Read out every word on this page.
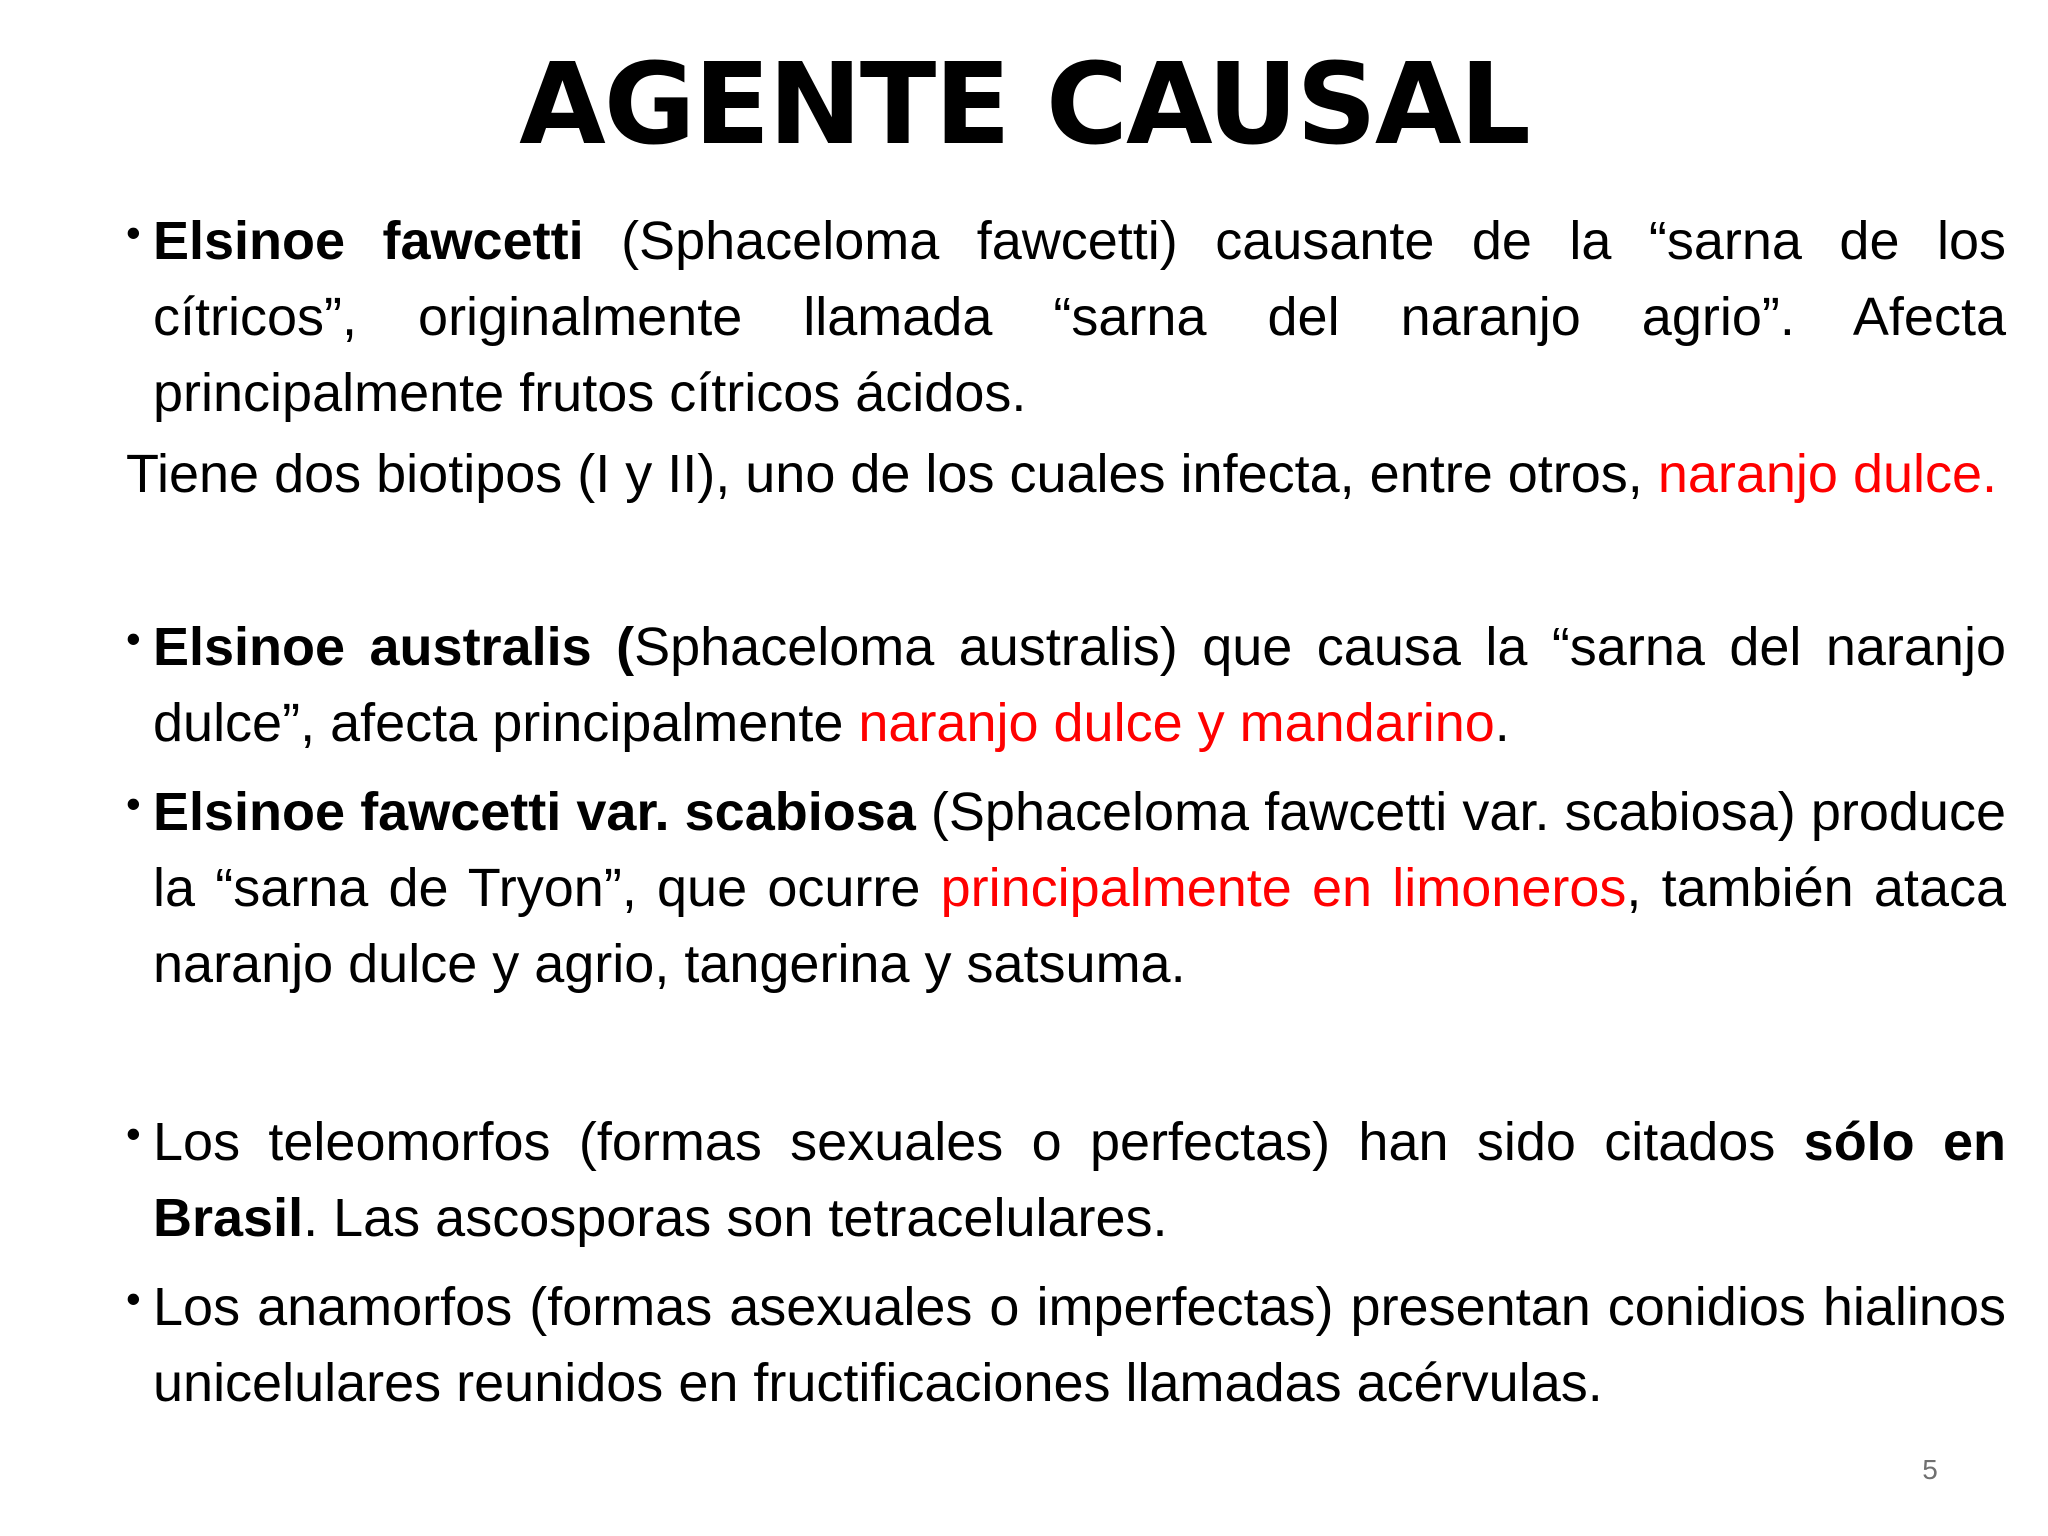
AGENTE CAUSAL
• Elsinoe fawcetti (Sphaceloma fawcetti) causante de la “sarna de los cítricos”, originalmente llamada “sarna del naranjo agrio”. Afecta principalmente frutos cítricos ácidos.
Tiene dos biotipos (I y II), uno de los cuales infecta, entre otros, naranjo dulce.
• Elsinoe australis (Sphaceloma australis) que causa la “sarna del naranjo dulce”, afecta principalmente naranjo dulce y mandarino.
• Elsinoe fawcetti var. scabiosa (Sphaceloma fawcetti var. scabiosa) produce la “sarna de Tryon”, que ocurre principalmente en limoneros, también ataca naranjo dulce y agrio, tangerina y satsuma.
• Los teleomorfos (formas sexuales o perfectas) han sido citados sólo en Brasil. Las ascosporas son tetracelulares.
• Los anamorfos (formas asexuales o imperfectas) presentan conidios hialinos unicelulares reunidos en fructificaciones llamadas acérvulas.
5
